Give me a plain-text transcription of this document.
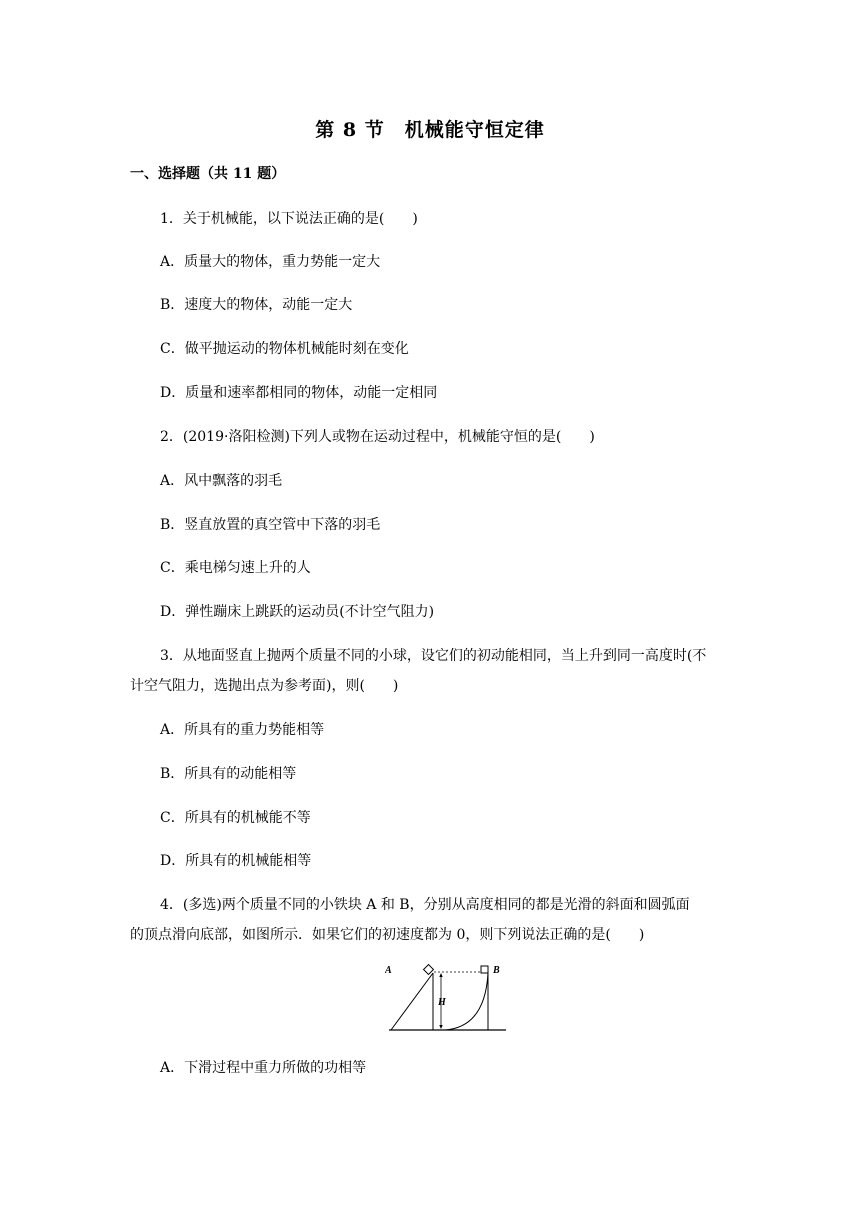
第 8 节　机械能守恒定律
一、选择题（共 11 题）
1．关于机械能，以下说法正确的是(　　)
A．质量大的物体，重力势能一定大
B．速度大的物体，动能一定大
C．做平抛运动的物体机械能时刻在变化
D．质量和速率都相同的物体，动能一定相同
2．(2019·洛阳检测)下列人或物在运动过程中，机械能守恒的是(　　)
A．风中飘落的羽毛
B．竖直放置的真空管中下落的羽毛
C．乘电梯匀速上升的人
D．弹性蹦床上跳跃的运动员(不计空气阻力)
3．从地面竖直上抛两个质量不同的小球，设它们的初动能相同，当上升到同一高度时(不
计空气阻力，选抛出点为参考面)，则(　　)
A．所具有的重力势能相等
B．所具有的动能相等
C．所具有的机械能不等
D．所具有的机械能相等
4．(多选)两个质量不同的小铁块 A 和 B，分别从高度相同的都是光滑的斜面和圆弧面
的顶点滑向底部，如图所示．如果它们的初速度都为 0，则下列说法正确的是(　　)
H
A	B
A．下滑过程中重力所做的功相等
